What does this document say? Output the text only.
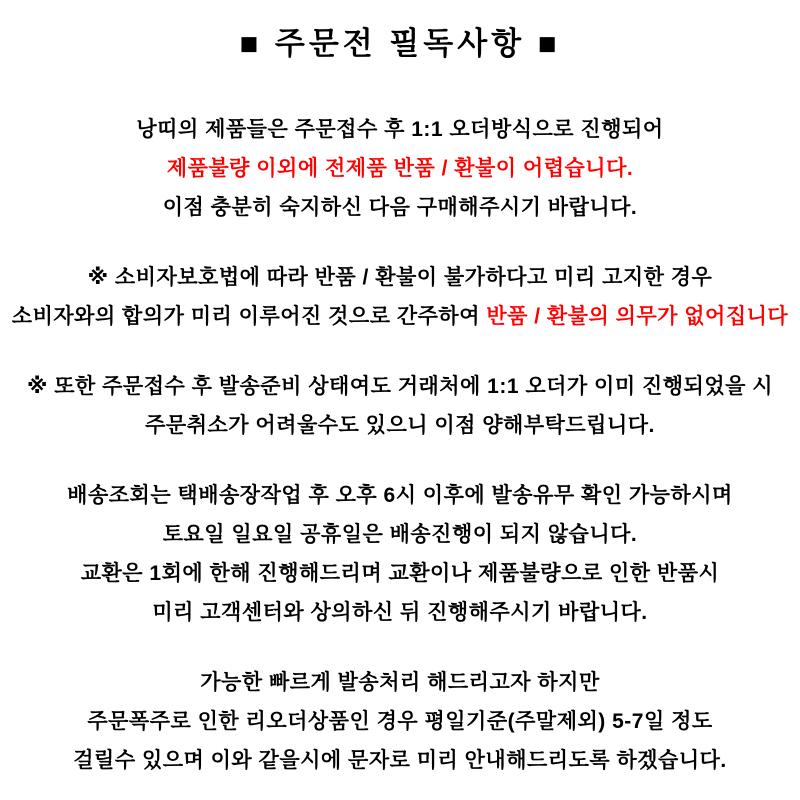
■ 주문전 필독사항 ■

낭띠의 제품들은 주문접수 후 1:1 오더방식으로 진행되어

제품불량 이외에 전제품 반품 / 환불이 어렵습니다.

이점 충분히 숙지하신 다음 구매해주시기 바랍니다.

※ 소비자보호법에 따라 반품 / 환불이 불가하다고 미리 고지한 경우

소비자와의 합의가 미리 이루어진 것으로 간주하여 반품 / 환불의 의무가 없어집니다

※ 또한 주문접수 후 발송준비 상태여도 거래처에 1:1 오더가 이미 진행되었을 시

주문취소가 어려울수도 있으니 이점 양해부탁드립니다.

배송조회는 택배송장작업 후 오후 6시 이후에 발송유무 확인 가능하시며

토요일 일요일 공휴일은 배송진행이 되지 않습니다.

교환은 1회에 한해 진행해드리며 교환이나 제품불량으로 인한 반품시

미리 고객센터와 상의하신 뒤 진행해주시기 바랍니다.

가능한 빠르게 발송처리 해드리고자 하지만

주문폭주로 인한 리오더상품인 경우 평일기준(주말제외) 5-7일 정도

걸릴수 있으며 이와 같을시에 문자로 미리 안내해드리도록 하겠습니다.
